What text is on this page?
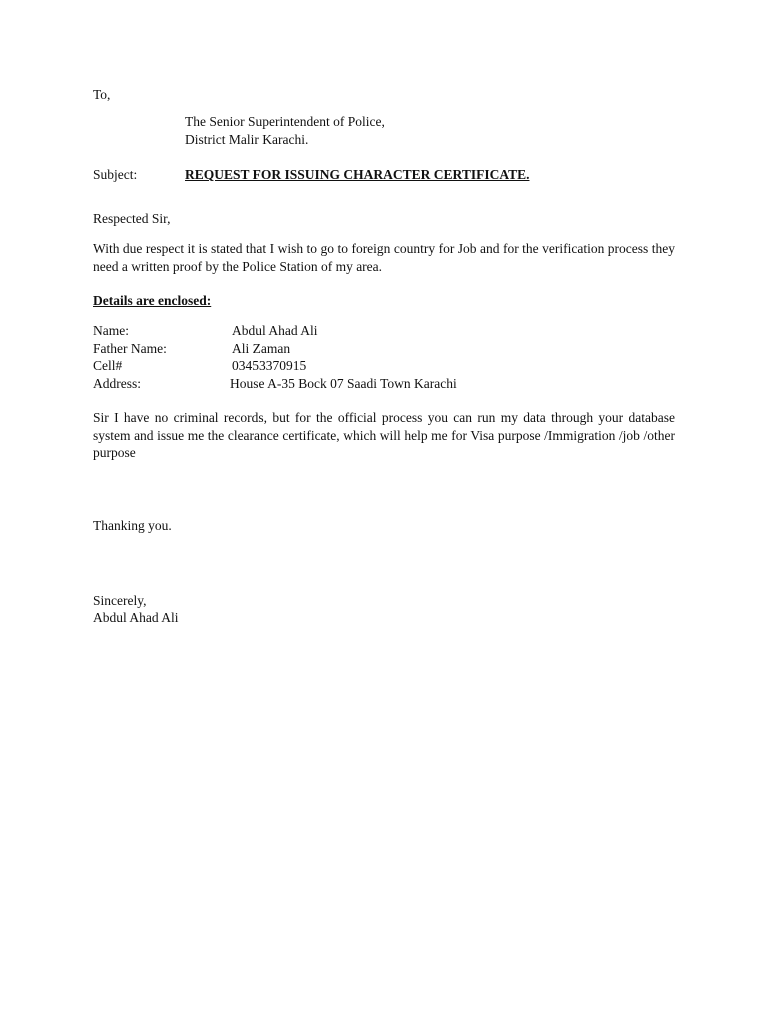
To,
The Senior Superintendent of Police,
District Malir Karachi.
Subject:	REQUEST FOR ISSUING CHARACTER CERTIFICATE.
Respected Sir,
With due respect it is stated that I wish to go to foreign country for Job and for the verification process they need a written proof by the Police Station of my area.
Details are enclosed:
Name:	Abdul Ahad Ali
Father Name:	Ali Zaman
Cell#	03453370915
Address:	House A-35 Bock 07 Saadi Town Karachi
Sir I have no criminal records, but for the official process you can run my data through your database system and issue me the clearance certificate, which will help me for Visa purpose /Immigration /job /other purpose
Thanking you.
Sincerely,
Abdul Ahad Ali
